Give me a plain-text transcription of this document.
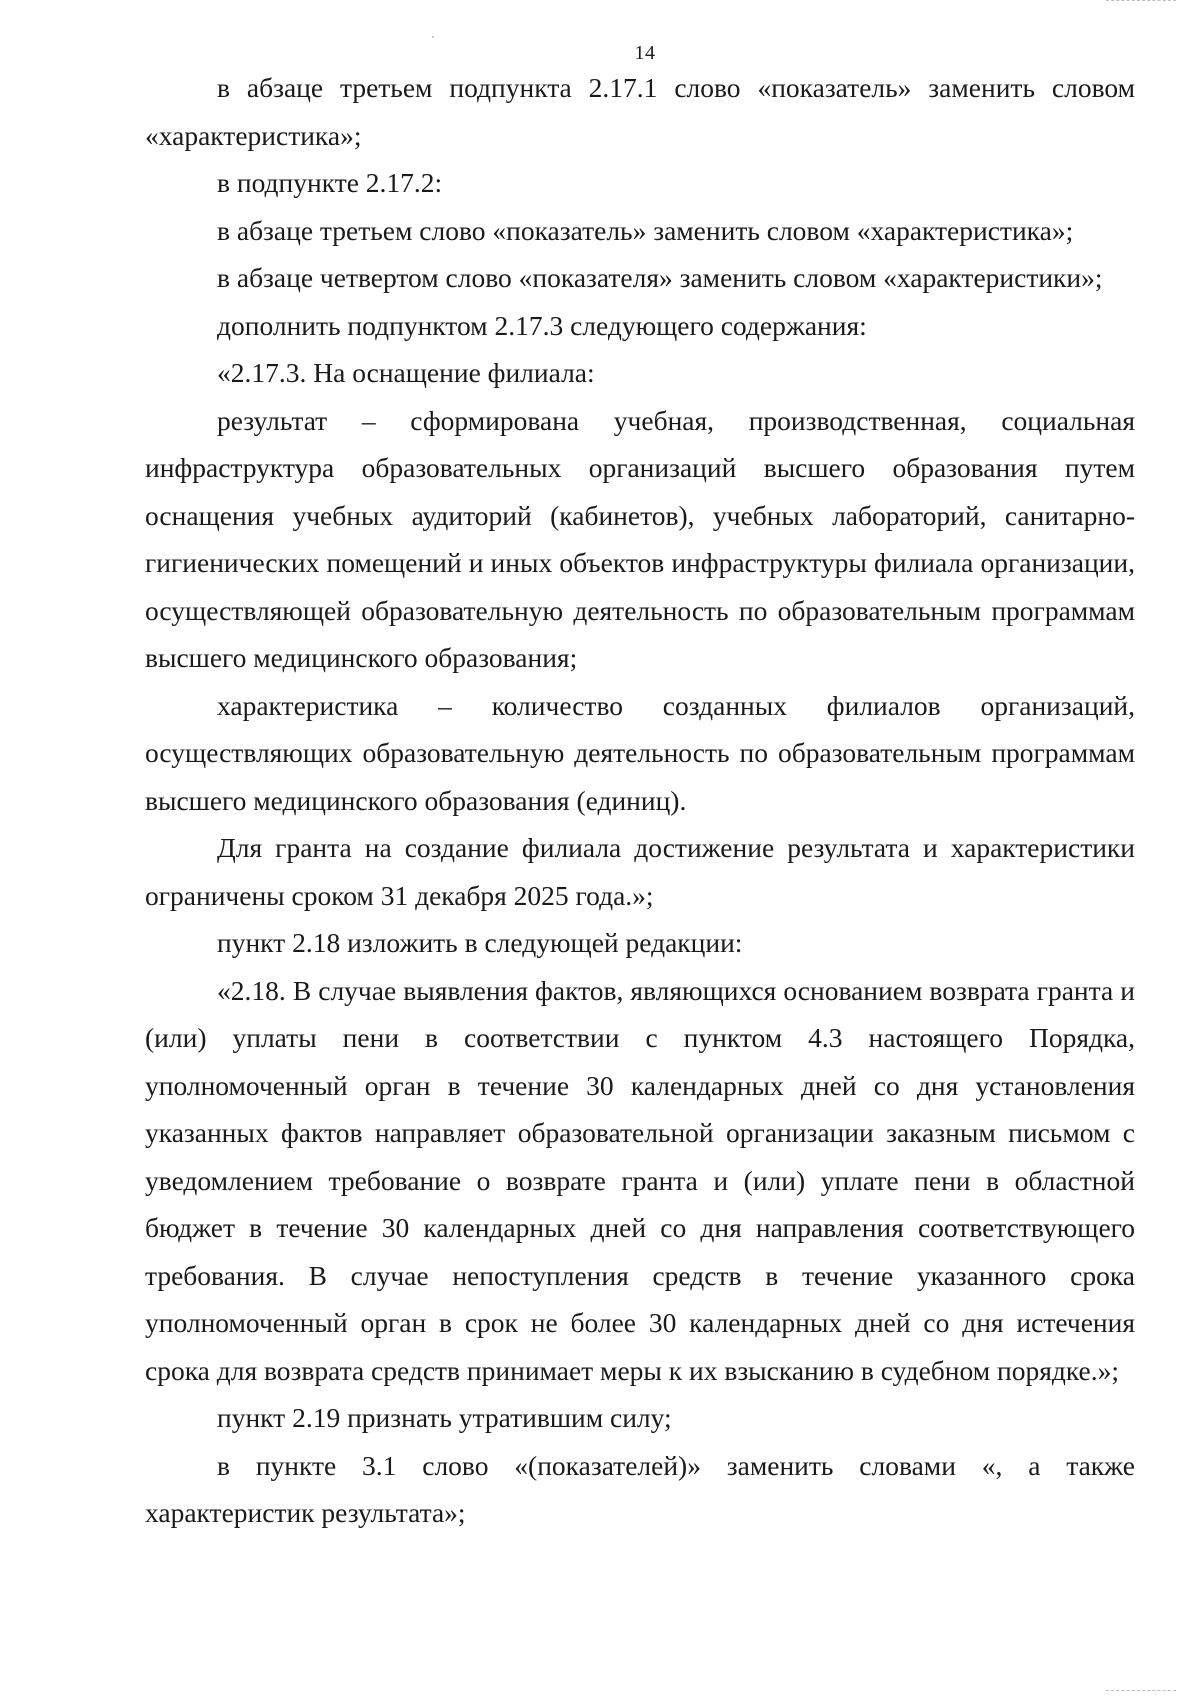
14

в абзаце третьем подпункта 2.17.1 слово «показатель» заменить словом «характеристика»;

в подпункте 2.17.2:

в абзаце третьем слово «показатель» заменить словом «характеристика»;

в абзаце четвертом слово «показателя» заменить словом «характеристики»;

дополнить подпунктом 2.17.3 следующего содержания:

«2.17.3. На оснащение филиала:

результат – сформирована учебная, производственная, социальная инфраструктура образовательных организаций высшего образования путем оснащения учебных аудиторий (кабинетов), учебных лабораторий, санитарно-гигиенических помещений и иных объектов инфраструктуры филиала организации, осуществляющей образовательную деятельность по образовательным программам высшего медицинского образования;

характеристика – количество созданных филиалов организаций, осуществляющих образовательную деятельность по образовательным программам высшего медицинского образования (единиц).

Для гранта на создание филиала достижение результата и характеристики ограничены сроком 31 декабря 2025 года.»;

пункт 2.18 изложить в следующей редакции:

«2.18. В случае выявления фактов, являющихся основанием возврата гранта и (или) уплаты пени в соответствии с пунктом 4.3 настоящего Порядка, уполномоченный орган в течение 30 календарных дней со дня установления указанных фактов направляет образовательной организации заказным письмом с уведомлением требование о возврате гранта и (или) уплате пени в областной бюджет в течение 30 календарных дней со дня направления соответствующего требования. В случае непоступления средств в течение указанного срока уполномоченный орган в срок не более 30 календарных дней со дня истечения срока для возврата средств принимает меры к их взысканию в судебном порядке.»;

пункт 2.19 признать утратившим силу;

в пункте 3.1 слово «(показателей)» заменить словами «, а также характеристик результата»;
